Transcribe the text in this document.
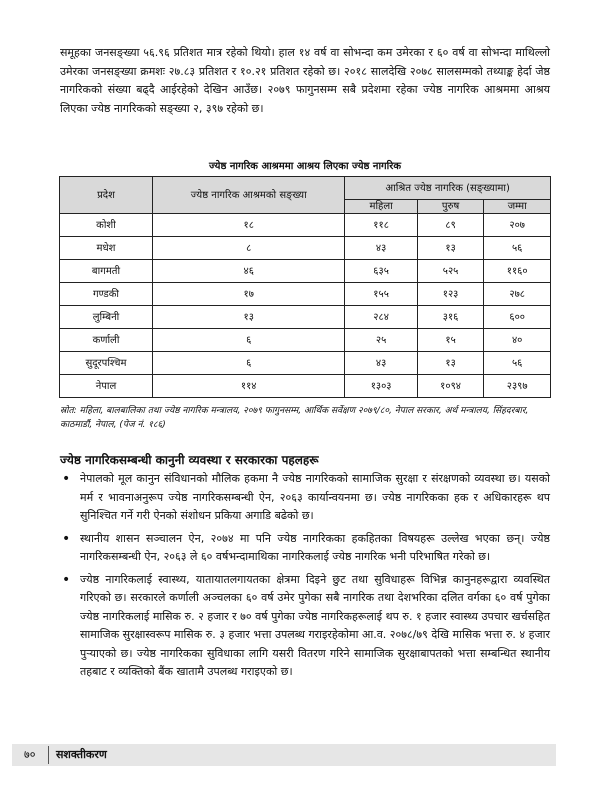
समूहका जनसङ्ख्या ५६.९६ प्रतिशत मात्र रहेको थियो। हाल १४ वर्ष वा सोभन्दा कम उमेरका र ६० वर्ष वा सोभन्दा माथिल्लो उमेरका जनसङ्ख्या क्रमशः २७.८३ प्रतिशत र १०.२१ प्रतिशत रहेको छ। २०१८ सालदेखि २०७८ सालसम्मको तथ्याङ्क हेर्दा जेष्ठ नागरिकको संख्या बढ्दै आईरहेको देखिन आउँछ। २०७९ फागुनसम्म सबै प्रदेशमा रहेका ज्येष्ठ नागरिक आश्रममा आश्रय लिएका ज्येष्ठ नागरिकको सङ्ख्या २, ३९७ रहेको छ।

ज्येष्ठ नागरिक आश्रममा आश्रय लिएका ज्येष्ठ नागरिक

प्रदेश	ज्येष्ठ नागरिक आश्रमको सङ्ख्या	आश्रित ज्येष्ठ नागरिक (सङ्ख्यामा)		
		महिला	पुरुष	जम्मा
कोशी	१८	११८	८९	२०७
मधेश	८	४३	१३	५६
बागमती	४६	६३५	५२५	११६०
गण्डकी	१७	१५५	१२३	२७८
लुम्बिनी	१३	२८४	३१६	६००
कर्णाली	६	२५	१५	४०
सुदूरपश्चिम	६	४३	१३	५६
नेपाल	११४	१३०३	१०९४	२३९७

स्रोत: महिला, बालबालिका तथा ज्येष्ठ नागरिक मन्त्रालय, २०७९ फागुनसम्म, आर्थिक सर्वेक्षण २०७९/८०, नेपाल सरकार, अर्थ मन्त्रालय, सिंहदरबार, काठमाडौं, नेपाल, (पेज नं. १८६)

ज्येष्ठ नागरिकसम्बन्धी कानुनी व्यवस्था र सरकारका पहलहरू

• नेपालको मूल कानुन संविधानको मौलिक हकमा नै ज्येष्ठ नागरिकको सामाजिक सुरक्षा र संरक्षणको व्यवस्था छ। यसको मर्म र भावनाअनुरूप ज्येष्ठ नागरिकसम्बन्धी ऐन, २०६३ कार्यान्वयनमा छ। ज्येष्ठ नागरिकका हक र अधिकारहरू थप सुनिश्चित गर्ने गरी ऐनको संशोधन प्रकिया अगाडि बढेको छ।
• स्थानीय शासन सञ्चालन ऐन, २०७४ मा पनि ज्येष्ठ नागरिकका हकहितका विषयहरू उल्लेख भएका छन्। ज्येष्ठ नागरिकसम्बन्धी ऐन, २०६३ ले ६० वर्षभन्दामाथिका नागरिकलाई ज्येष्ठ नागरिक भनी परिभाषित गरेको छ।
• ज्येष्ठ नागरिकलाई स्वास्थ्य, यातायातलगायतका क्षेत्रमा दिइने छुट तथा सुविधाहरू विभिन्न कानुनहरूद्वारा व्यवस्थित गरिएको छ। सरकारले कर्णाली अञ्चलका ६० वर्ष उमेर पुगेका सबै नागरिक तथा देशभरिका दलित वर्गका ६० वर्ष पुगेका ज्येष्ठ नागरिकलाई मासिक रु. २ हजार र ७० वर्ष पुगेका ज्येष्ठ नागरिकहरूलाई थप रु. १ हजार स्वास्थ्य उपचार खर्चसहित सामाजिक सुरक्षास्वरूप मासिक रु. ३ हजार भत्ता उपलब्ध गराइरहेकोमा आ.व. २०७८/७९ देखि मासिक भत्ता रु. ४ हजार पुर्‍याएको छ। ज्येष्ठ नागरिकका सुविधाका लागि यसरी वितरण गरिने सामाजिक सुरक्षाबापतको भत्ता सम्बन्धित स्थानीय तहबाट र व्यक्तिको बैंक खातामै उपलब्ध गराइएको छ।
७० सशक्तीकरण
